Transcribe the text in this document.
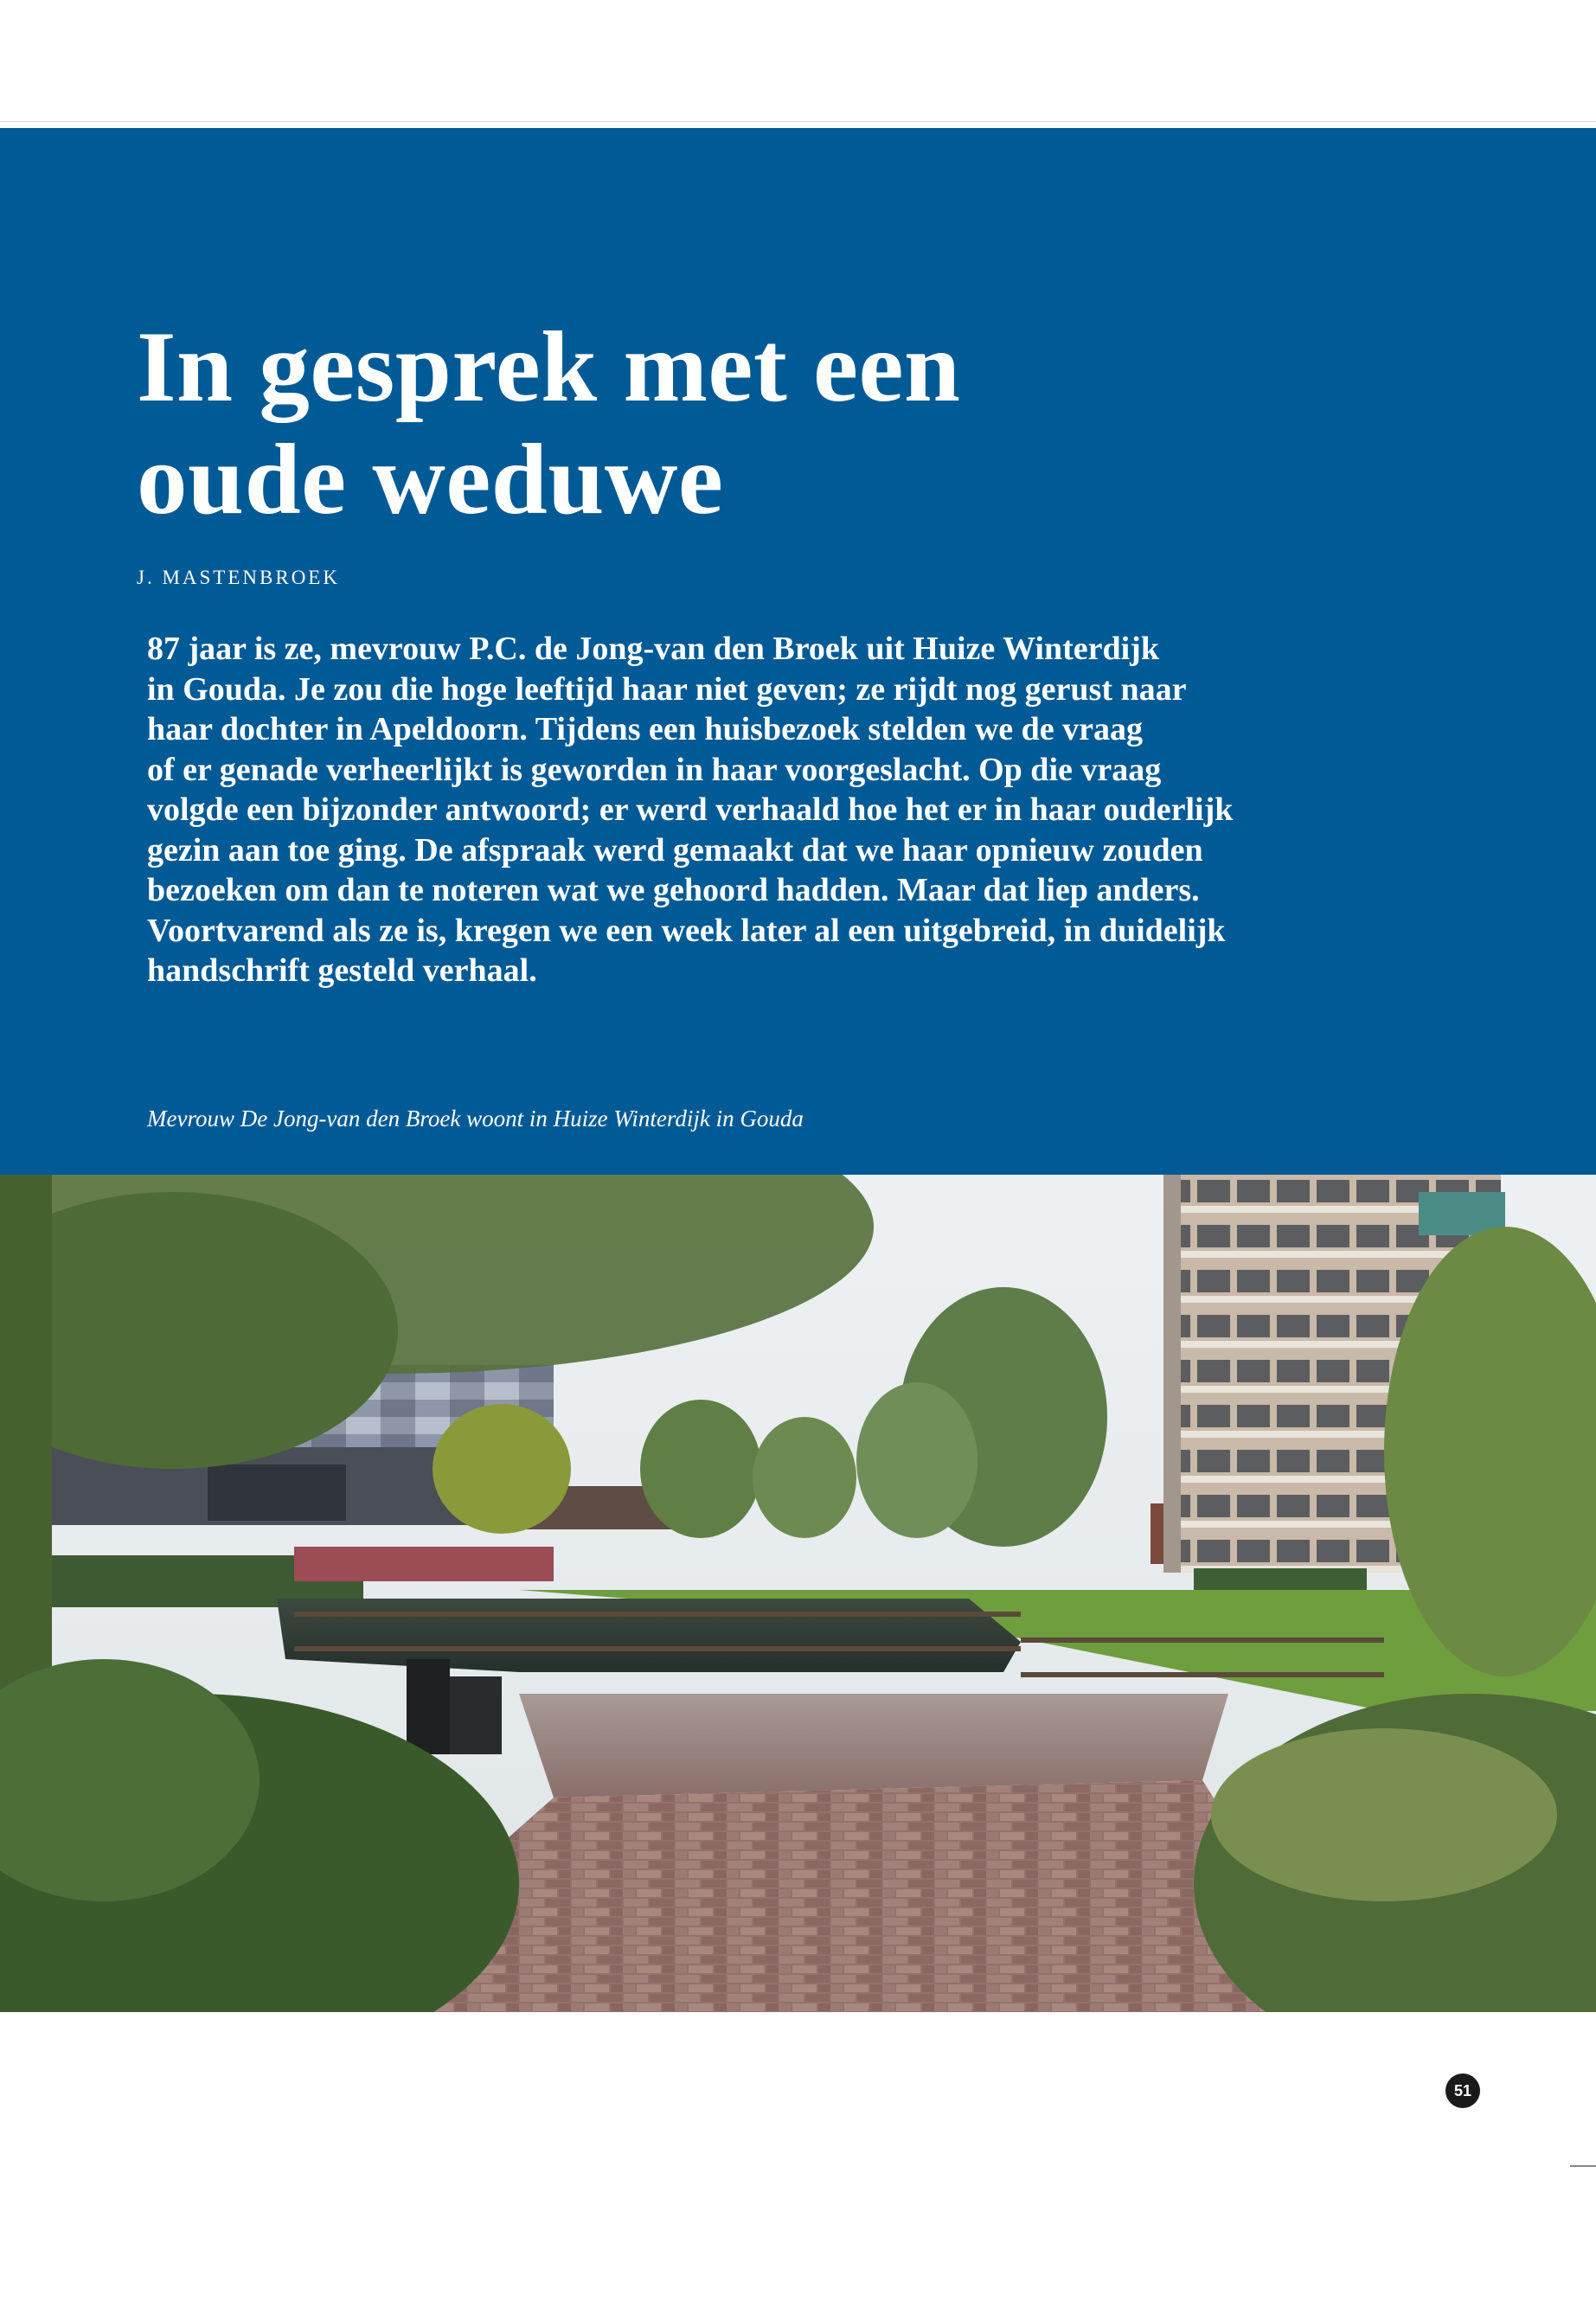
In gesprek met een
oude weduwe
J. MASTENBROEK

87 jaar is ze, mevrouw P.C. de Jong-van den Broek uit Huize Winterdijk
in Gouda. Je zou die hoge leeftijd haar niet geven; ze rijdt nog gerust naar
haar dochter in Apeldoorn. Tijdens een huisbezoek stelden we de vraag
of er genade verheerlijkt is geworden in haar voorgeslacht. Op die vraag
volgde een bijzonder antwoord; er werd verhaald hoe het er in haar ouderlijk
gezin aan toe ging. De afspraak werd gemaakt dat we haar opnieuw zouden
bezoeken om dan te noteren wat we gehoord hadden. Maar dat liep anders.
Voortvarend als ze is, kregen we een week later al een uitgebreid, in duidelijk
handschrift gesteld verhaal.

Mevrouw De Jong-van den Broek woont in Huize Winterdijk in Gouda
51
